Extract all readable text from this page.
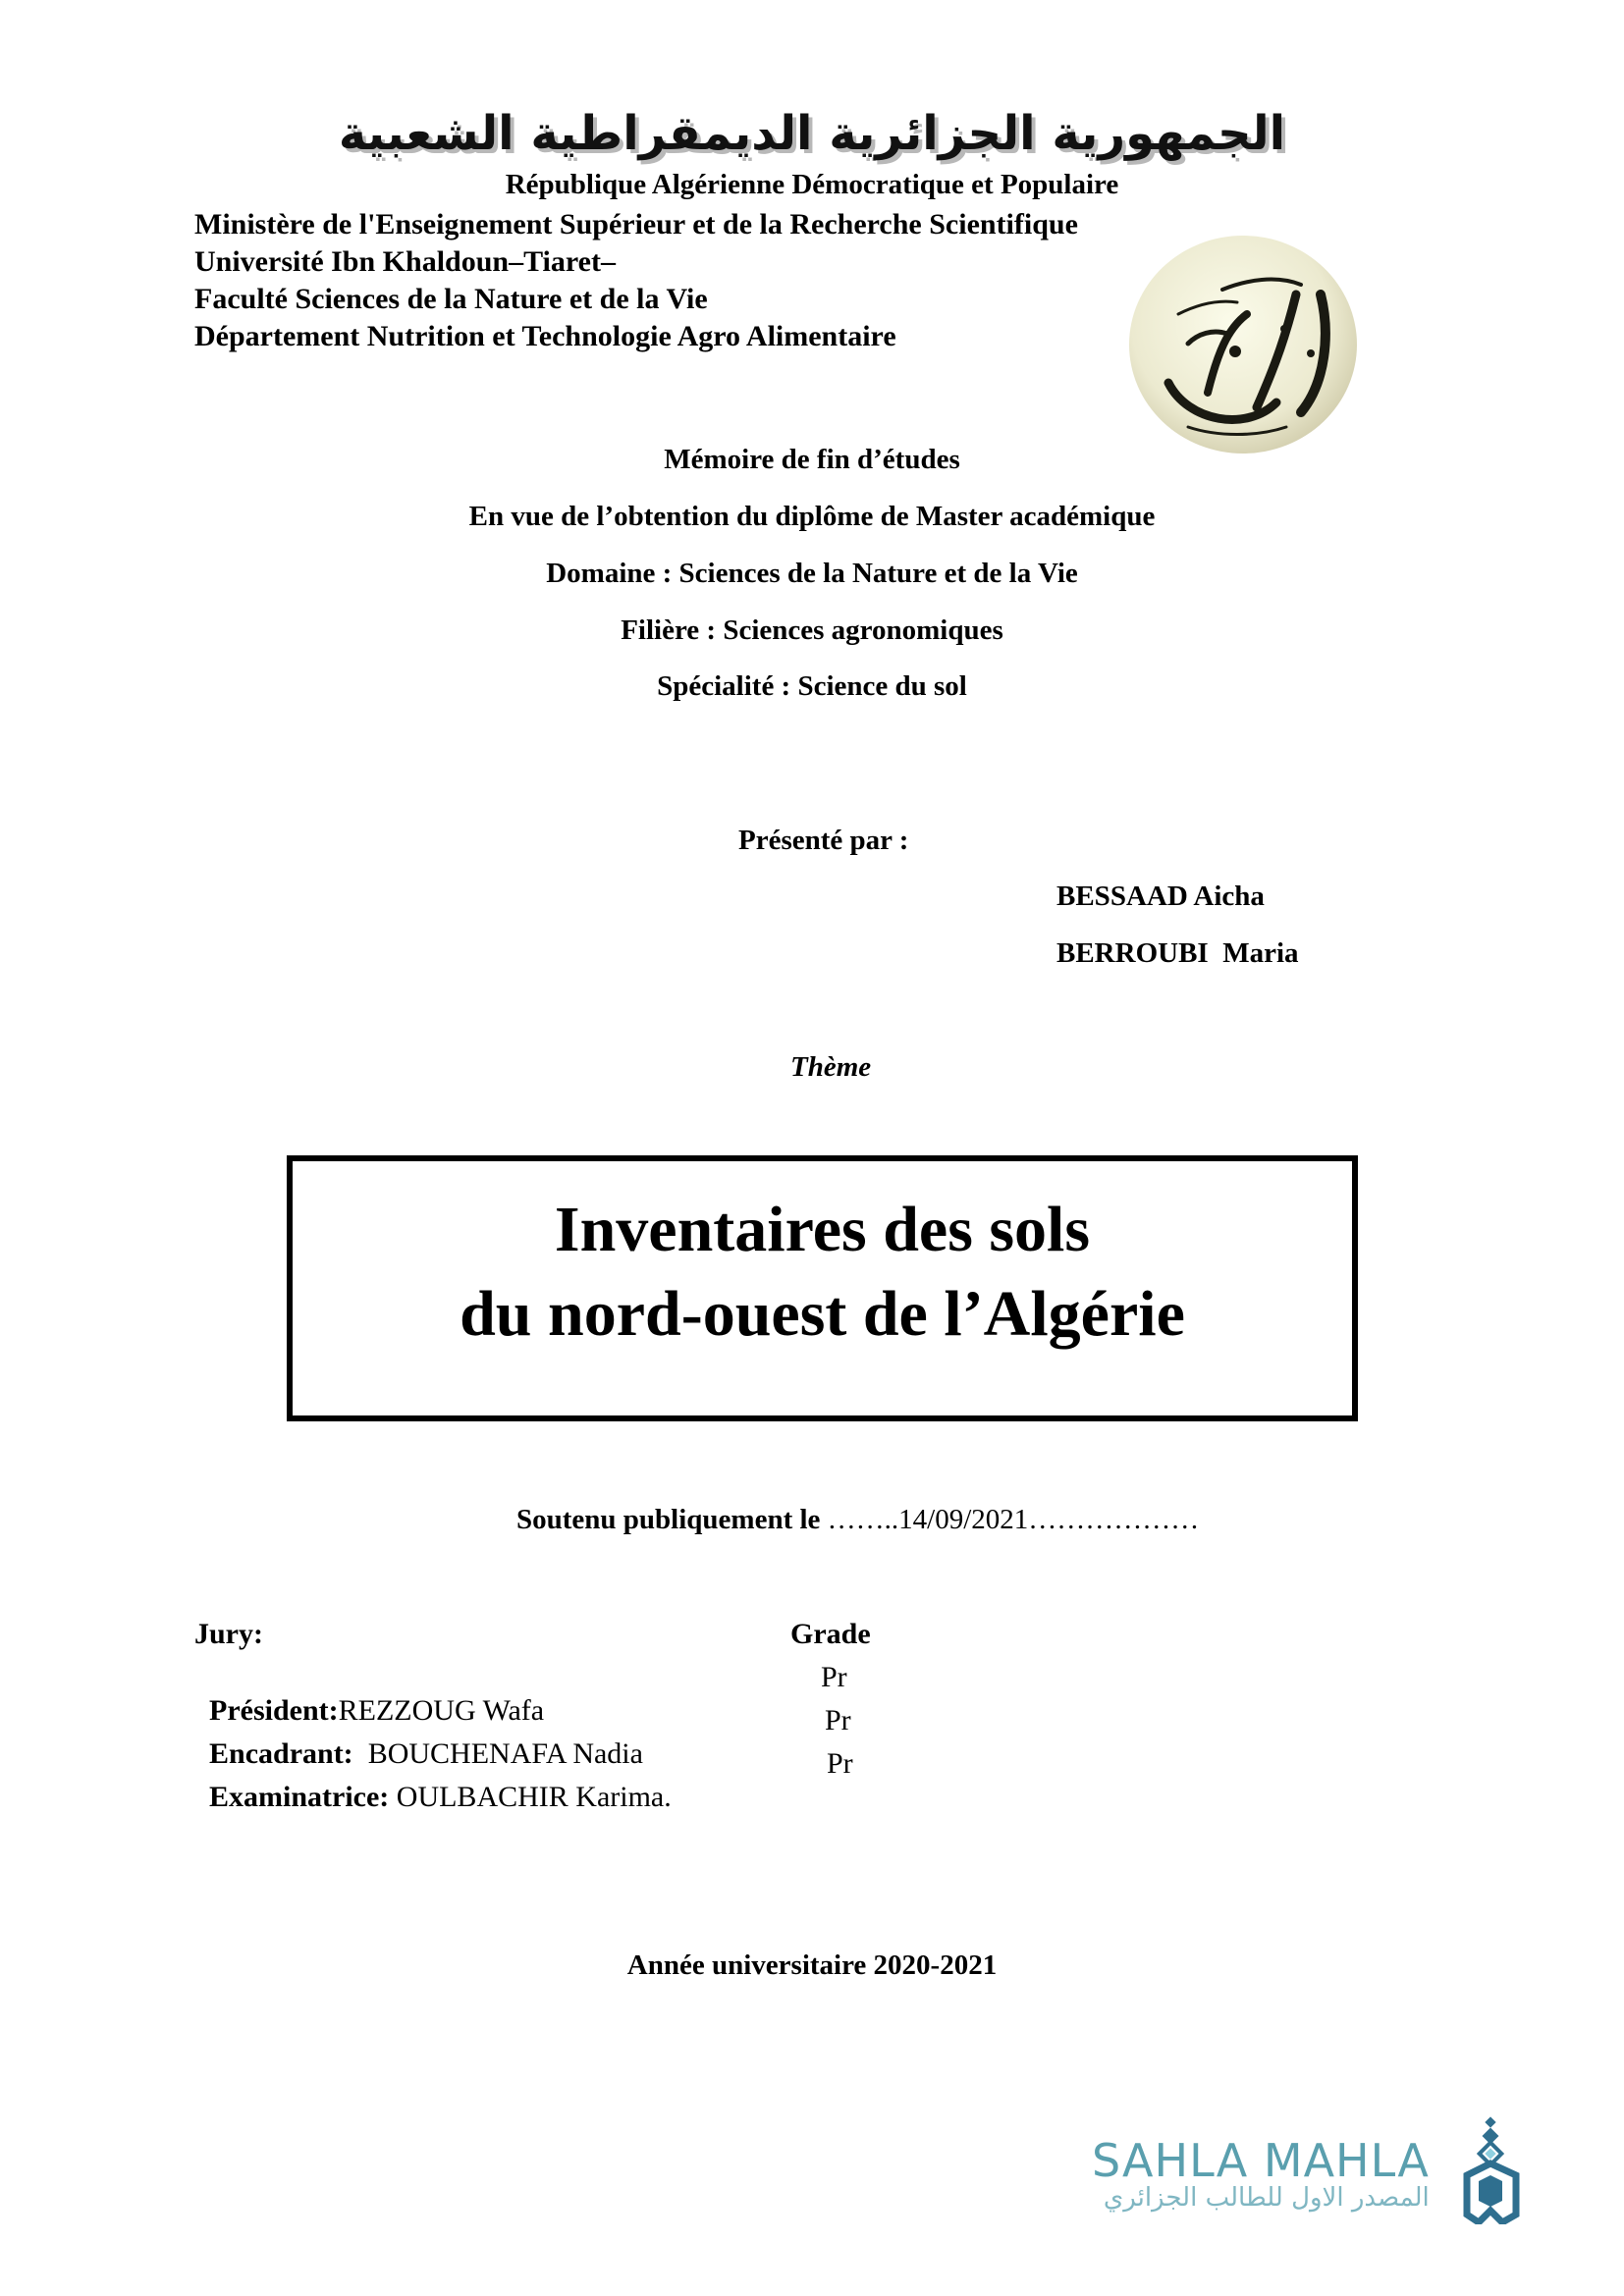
الجمهورية الجزائرية الديمقراطية الشعبية
République Algérienne Démocratique et Populaire
Ministère de l'Enseignement Supérieur et de la Recherche Scientifique
Université Ibn Khaldoun–Tiaret–
Faculté Sciences de la Nature et de la Vie
Département Nutrition et Technologie Agro Alimentaire
Mémoire de fin d’études
En vue de l’obtention du diplôme de Master académique
Domaine : Sciences de la Nature et de la Vie
Filière : Sciences agronomiques
Spécialité : Science du sol
Présenté par :
BESSAAD Aicha
BERROUBI  Maria
Thème
Inventaires des sols
du nord-ouest de l’Algérie
Soutenu publiquement le ……..14/09/2021………………
Jury:	Grade

Président:REZZOUG Wafa

Pr

Encadrant:  BOUCHENAFA Nadia

Pr

Examinatrice: OULBACHIR Karima.

Pr
Année universitaire 2020-2021
SAHLA MAHLA
المصدر الاول للطالب الجزائري
